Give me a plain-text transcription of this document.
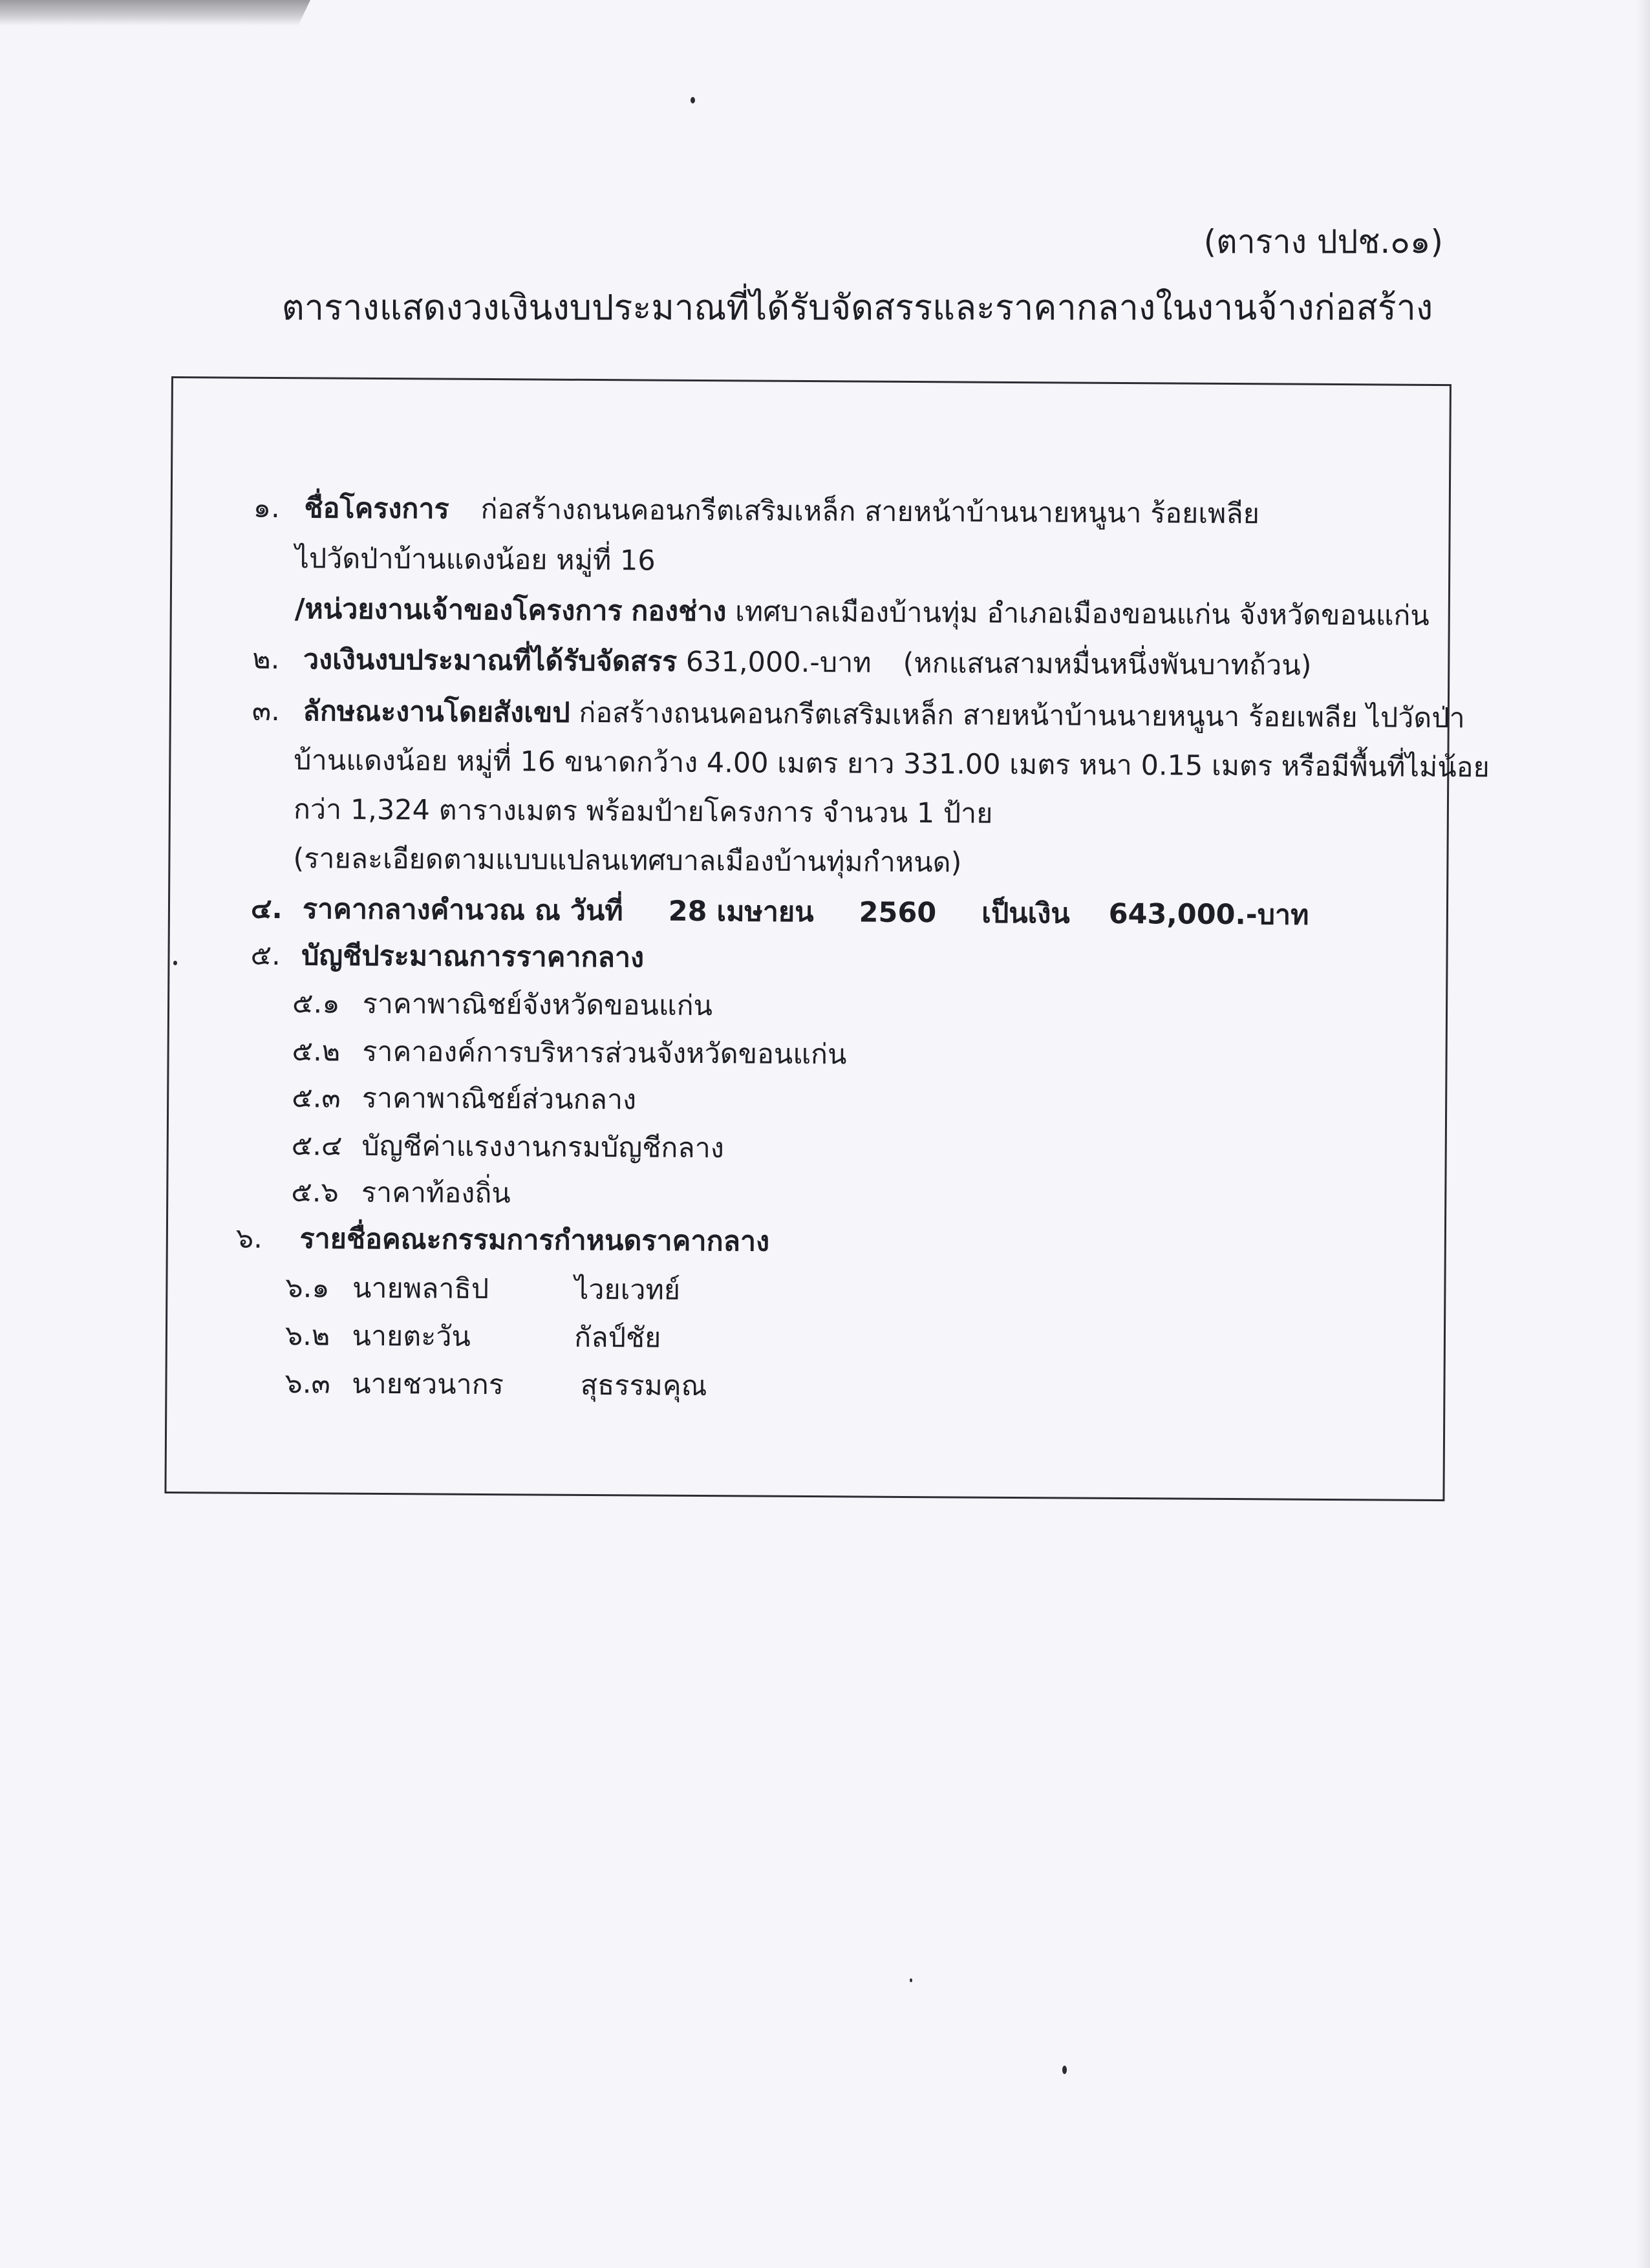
(ตาราง ปปช.๐๑)
ตารางแสดงวงเงินงบประมาณที่ได้รับจัดสรรและราคากลางในงานจ้างก่อสร้าง
๑. ชื่อโครงการ ก่อสร้างถนนคอนกรีตเสริมเหล็ก สายหน้าบ้านนายหนูนา ร้อยเพลีย
ไปวัดป่าบ้านแดงน้อย หมู่ที่ 16
/หน่วยงานเจ้าของโครงการ กองช่าง เทศบาลเมืองบ้านทุ่ม อำเภอเมืองขอนแก่น จังหวัดขอนแก่น
๒. วงเงินงบประมาณที่ได้รับจัดสรร 631,000.-บาท (หกแสนสามหมื่นหนึ่งพันบาทถ้วน)
๓. ลักษณะงานโดยสังเขป ก่อสร้างถนนคอนกรีตเสริมเหล็ก สายหน้าบ้านนายหนูนา ร้อยเพลีย ไปวัดป่า
บ้านแดงน้อย หมู่ที่ 16 ขนาดกว้าง 4.00 เมตร ยาว 331.00 เมตร หนา 0.15 เมตร หรือมีพื้นที่ไม่น้อย
กว่า 1,324 ตารางเมตร พร้อมป้ายโครงการ จำนวน 1 ป้าย
(รายละเอียดตามแบบแปลนเทศบาลเมืองบ้านทุ่มกำหนด)
๔. ราคากลางคำนวณ ณ วันที่ 28 เมษายน 2560 เป็นเงิน 643,000.-บาท
๕. บัญชีประมาณการราคากลาง
๕.๑ ราคาพาณิชย์จังหวัดขอนแก่น
๕.๒ ราคาองค์การบริหารส่วนจังหวัดขอนแก่น
๕.๓ ราคาพาณิชย์ส่วนกลาง
๕.๔ บัญชีค่าแรงงานกรมบัญชีกลาง
๕.๖ ราคาท้องถิ่น
๖. รายชื่อคณะกรรมการกำหนดราคากลาง
๖.๑ นายพลาธิป	ไวยเวทย์
๖.๒ นายตะวัน	กัลป์ชัย
๖.๓ นายชวนากร	สุธรรมคุณ
